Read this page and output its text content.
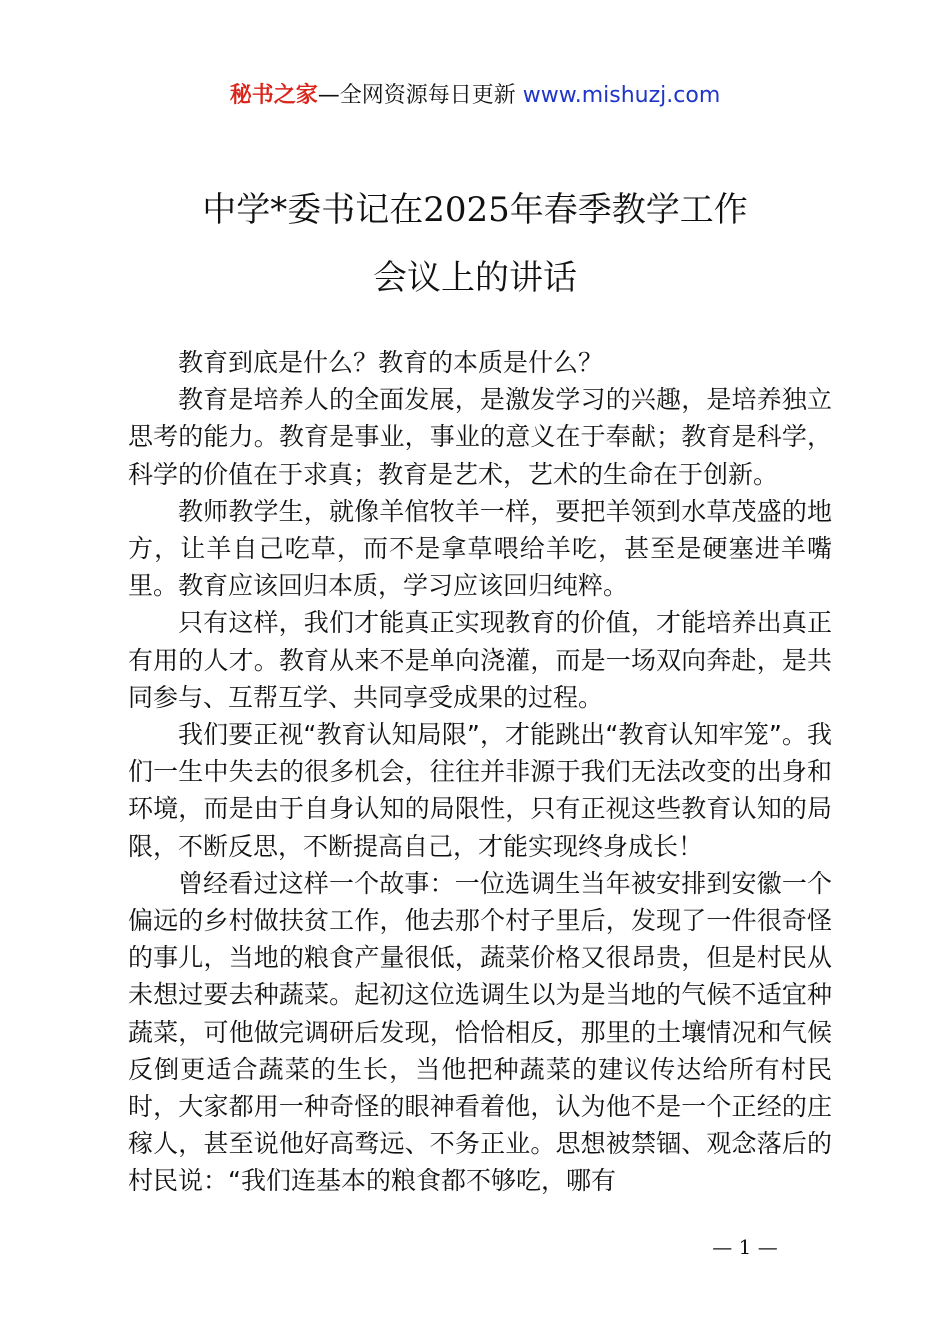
秘书之家—全网资源每日更新 www.mishuzj.com
中学*委书记在2025年春季教学工作
会议上的讲话

教育到底是什么？教育的本质是什么？

教育是培养人的全面发展，是激发学习的兴趣，是培养独立思考的能力。教育是事业，事业的意义在于奉献；教育是科学，科学的价值在于求真；教育是艺术，艺术的生命在于创新。

教师教学生，就像羊倌牧羊一样，要把羊领到水草茂盛的地方，让羊自己吃草，而不是拿草喂给羊吃，甚至是硬塞进羊嘴里。教育应该回归本质，学习应该回归纯粹。

只有这样，我们才能真正实现教育的价值，才能培养出真正有用的人才。教育从来不是单向浇灌，而是一场双向奔赴，是共同参与、互帮互学、共同享受成果的过程。

我们要正视“教育认知局限”，才能跳出“教育认知牢笼”。我们一生中失去的很多机会，往往并非源于我们无法改变的出身和环境，而是由于自身认知的局限性，只有正视这些教育认知的局限，不断反思，不断提高自己，才能实现终身成长！

曾经看过这样一个故事：一位选调生当年被安排到安徽一个偏远的乡村做扶贫工作，他去那个村子里后，发现了一件很奇怪的事儿，当地的粮食产量很低，蔬菜价格又很昂贵，但是村民从未想过要去种蔬菜。起初这位选调生以为是当地的气候不适宜种蔬菜，可他做完调研后发现，恰恰相反，那里的土壤情况和气候反倒更适合蔬菜的生长，当他把种蔬菜的建议传达给所有村民时，大家都用一种奇怪的眼神看着他，认为他不是一个正经的庄稼人，甚至说他好高骛远、不务正业。思想被禁锢、观念落后的村民说：“我们连基本的粮食都不够吃，哪有

— 1 —
